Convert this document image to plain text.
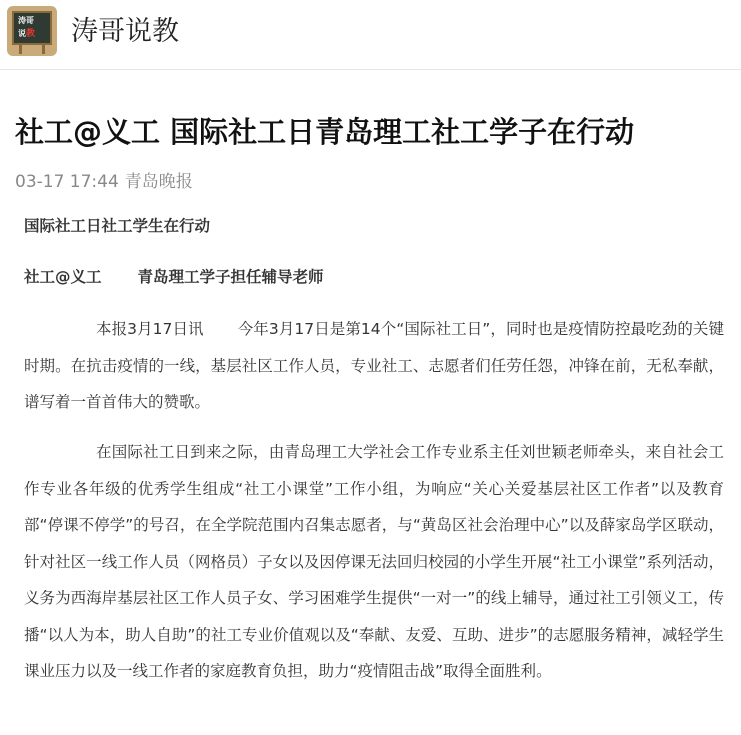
涛哥
说教 涛哥说教
社工@义工 国际社工日青岛理工社工学子在行动
03-17 17:44 青岛晚报
国际社工日社工学生在行动
社工@义工 青岛理工学子担任辅导老师

本报3月17日讯 今年3月17日是第14个“国际社工日”，同时也是疫情防控最吃劲的关键时期。在抗击疫情的一线，基层社区工作人员，专业社工、志愿者们任劳任怨，冲锋在前，无私奉献，谱写着一首首伟大的赞歌。

在国际社工日到来之际，由青岛理工大学社会工作专业系主任刘世颖老师牵头，来自社会工作专业各年级的优秀学生组成“社工小课堂”工作小组，为响应“关心关爱基层社区工作者”以及教育部“停课不停学”的号召，在全学院范围内召集志愿者，与“黄岛区社会治理中心”以及薛家岛学区联动，针对社区一线工作人员（网格员）子女以及因停课无法回归校园的小学生开展“社工小课堂”系列活动，义务为西海岸基层社区工作人员子女、学习困难学生提供“一对一”的线上辅导，通过社工引领义工，传播“以人为本，助人自助”的社工专业价值观以及“奉献、友爱、互助、进步”的志愿服务精神，减轻学生课业压力以及一线工作者的家庭教育负担，助力“疫情阻击战”取得全面胜利。
